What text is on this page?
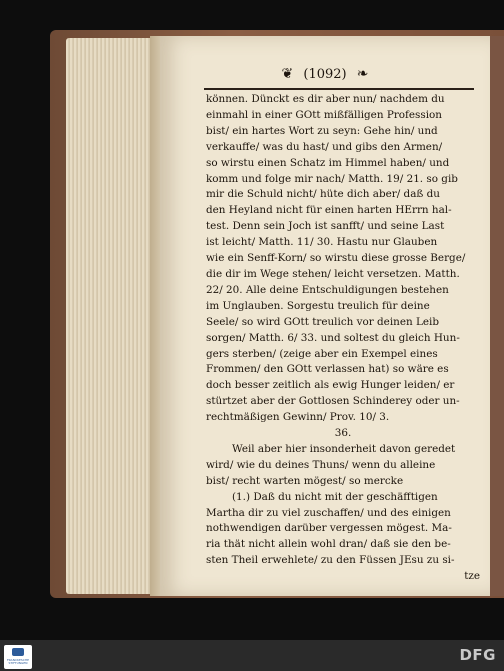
❦ (1092) ❧
können. Dünckt es dir aber nun/ nachdem du
einmahl in einer GOtt mißfälligen Profession
bist/ ein hartes Wort zu seyn: Gehe hin/ und
verkauffe/ was du hast/ und gibs den Armen/
so wirstu einen Schatz im Himmel haben/ und
komm und folge mir nach/ Matth. 19/ 21. so gib
mir die Schuld nicht/ hüte dich aber/ daß du
den Heyland nicht für einen harten HErrn hal-
test. Denn sein Joch ist sanfft/ und seine Last
ist leicht/ Matth. 11/ 30. Hastu nur Glauben
wie ein Senff-Korn/ so wirstu diese grosse Berge/
die dir im Wege stehen/ leicht versetzen. Matth.
22/ 20. Alle deine Entschuldigungen bestehen
im Unglauben. Sorgestu treulich für deine
Seele/ so wird GOtt treulich vor deinen Leib
sorgen/ Matth. 6/ 33. und soltest du gleich Hun-
gers sterben/ (zeige aber ein Exempel eines
Frommen/ den GOtt verlassen hat) so wäre es
doch besser zeitlich als ewig Hunger leiden/ er
stürtzet aber der Gottlosen Schinderey oder un-
rechtmäßigen Gewinn/ Prov. 10/ 3.
36.
Weil aber hier insonderheit davon geredet
wird/ wie du deines Thuns/ wenn du alleine
bist/ recht warten mögest/ so mercke
(1.) Daß du nicht mit der geschäfftigen
Martha dir zu viel zuschaffen/ und des einigen
nothwendigen darüber vergessen mögest. Ma-
ria thät nicht allein wohl dran/ daß sie den be-
sten Theil erwehlete/ zu den Füssen JEsu zu si-
tze
FRANCKESCHE STIFTUNGEN	DFG
